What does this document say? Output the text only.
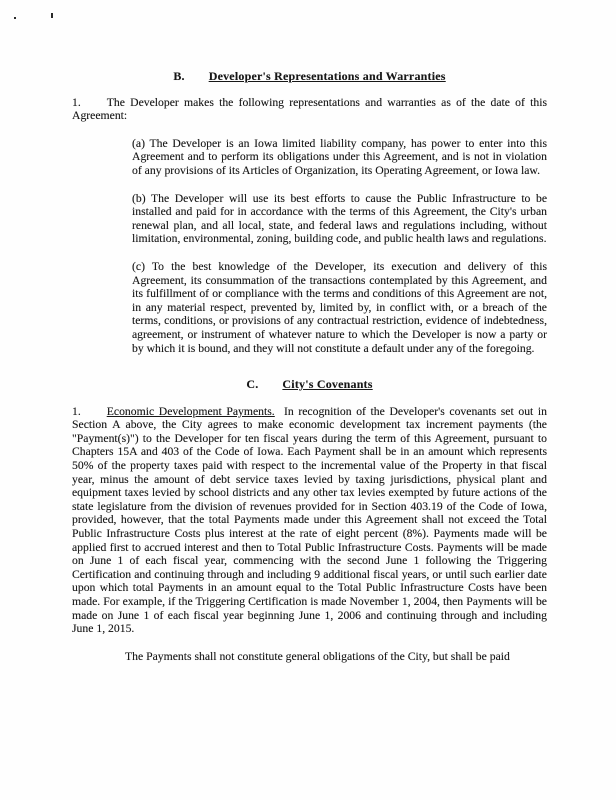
B. Developer's Representations and Warranties

1. The Developer makes the following representations and warranties as of the date of this Agreement:

(a) The Developer is an Iowa limited liability company, has power to enter into this Agreement and to perform its obligations under this Agreement, and is not in violation of any provisions of its Articles of Organization, its Operating Agreement, or Iowa law.

(b) The Developer will use its best efforts to cause the Public Infrastructure to be installed and paid for in accordance with the terms of this Agreement, the City's urban renewal plan, and all local, state, and federal laws and regulations including, without limitation, environmental, zoning, building code, and public health laws and regulations.

(c) To the best knowledge of the Developer, its execution and delivery of this Agreement, its consummation of the transactions contemplated by this Agreement, and its fulfillment of or compliance with the terms and conditions of this Agreement are not, in any material respect, prevented by, limited by, in conflict with, or a breach of the terms, conditions, or provisions of any contractual restriction, evidence of indebtedness, agreement, or instrument of whatever nature to which the Developer is now a party or by which it is bound, and they will not constitute a default under any of the foregoing.

C. City's Covenants

1. Economic Development Payments. In recognition of the Developer's covenants set out in Section A above, the City agrees to make economic development tax increment payments (the "Payment(s)") to the Developer for ten fiscal years during the term of this Agreement, pursuant to Chapters 15A and 403 of the Code of Iowa. Each Payment shall be in an amount which represents 50% of the property taxes paid with respect to the incremental value of the Property in that fiscal year, minus the amount of debt service taxes levied by taxing jurisdictions, physical plant and equipment taxes levied by school districts and any other tax levies exempted by future actions of the state legislature from the division of revenues provided for in Section 403.19 of the Code of Iowa, provided, however, that the total Payments made under this Agreement shall not exceed the Total Public Infrastructure Costs plus interest at the rate of eight percent (8%). Payments made will be applied first to accrued interest and then to Total Public Infrastructure Costs. Payments will be made on June 1 of each fiscal year, commencing with the second June 1 following the Triggering Certification and continuing through and including 9 additional fiscal years, or until such earlier date upon which total Payments in an amount equal to the Total Public Infrastructure Costs have been made. For example, if the Triggering Certification is made November 1, 2004, then Payments will be made on June 1 of each fiscal year beginning June 1, 2006 and continuing through and including June 1, 2015.

The Payments shall not constitute general obligations of the City, but shall be paid
